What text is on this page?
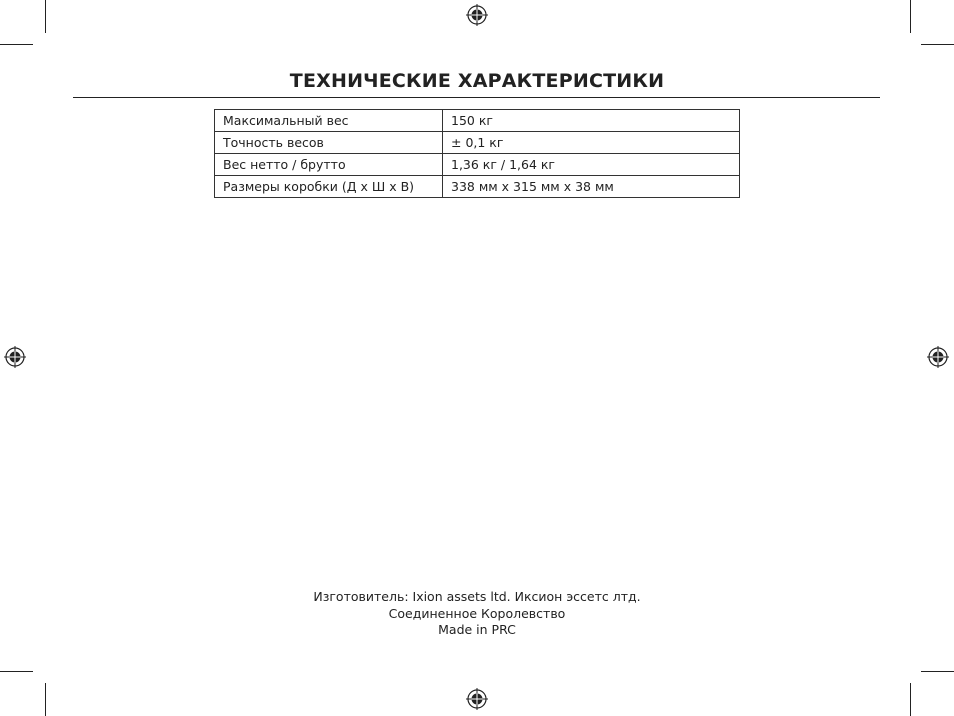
ТЕХНИЧЕСКИЕ ХАРАКТЕРИСТИКИ
Максимальный вес	150 кг
Точность весов	± 0,1 кг
Вес нетто / брутто	1,36 кг / 1,64 кг
Размеры коробки (Д x Ш x В)	338 мм x 315 мм x 38 мм
Изготовитель: Ixion assets ltd. Иксион эссетс лтд.
Соединенное Королевство
Made in PRC
